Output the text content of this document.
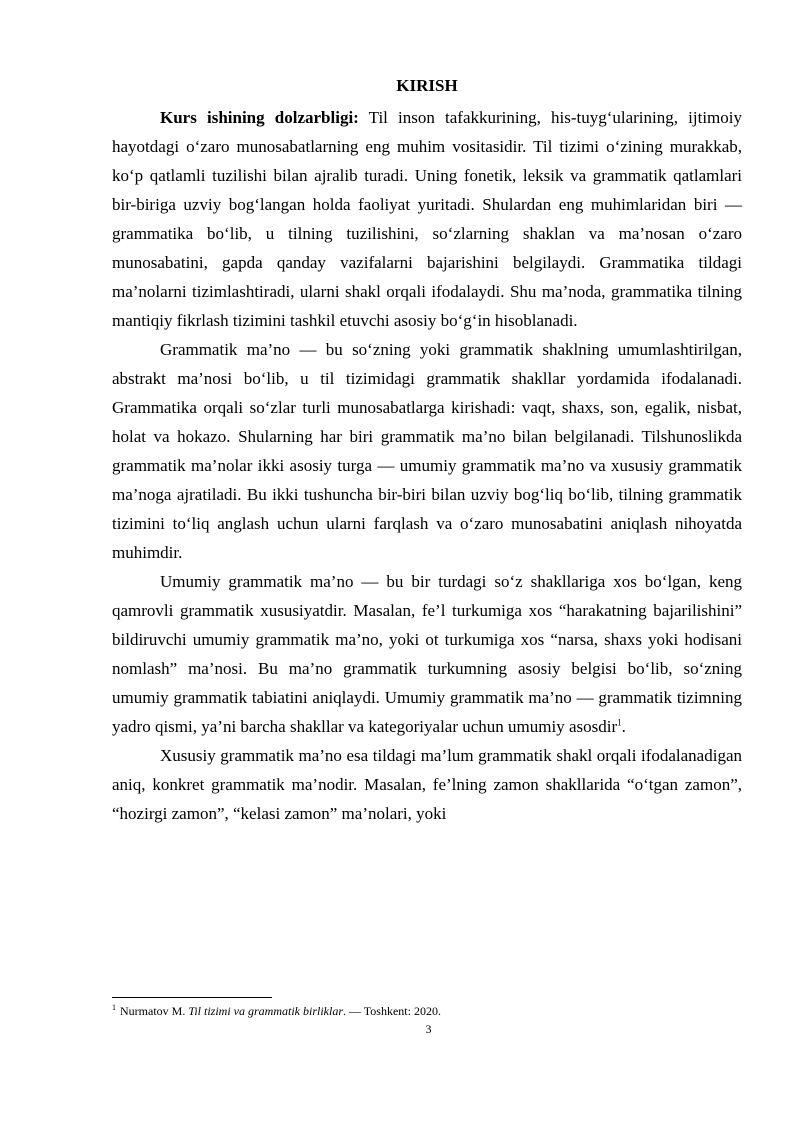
KIRISH

Kurs ishining dolzarbligi: Til inson tafakkurining, his-tuyg‘ularining, ijtimoiy hayotdagi o‘zaro munosabatlarning eng muhim vositasidir. Til tizimi o‘zining murakkab, ko‘p qatlamli tuzilishi bilan ajralib turadi. Uning fonetik, leksik va grammatik qatlamlari bir-biriga uzviy bog‘langan holda faoliyat yuritadi. Shulardan eng muhimlaridan biri — grammatika bo‘lib, u tilning tuzilishini, so‘zlarning shaklan va ma’nosan o‘zaro munosabatini, gapda qanday vazifalarni bajarishini belgilaydi. Grammatika tildagi ma’nolarni tizimlashtiradi, ularni shakl orqali ifodalaydi. Shu ma’noda, grammatika tilning mantiqiy fikrlash tizimini tashkil etuvchi asosiy bo‘g‘in hisoblanadi.

Grammatik ma’no — bu so‘zning yoki grammatik shaklning umumlashtirilgan, abstrakt ma’nosi bo‘lib, u til tizimidagi grammatik shakllar yordamida ifodalanadi. Grammatika orqali so‘zlar turli munosabatlarga kirishadi: vaqt, shaxs, son, egalik, nisbat, holat va hokazo. Shularning har biri grammatik ma’no bilan belgilanadi. Tilshunoslikda grammatik ma’nolar ikki asosiy turga — umumiy grammatik ma’no va xususiy grammatik ma’noga ajratiladi. Bu ikki tushuncha bir-biri bilan uzviy bog‘liq bo‘lib, tilning grammatik tizimini to‘liq anglash uchun ularni farqlash va o‘zaro munosabatini aniqlash nihoyatda muhimdir.

Umumiy grammatik ma’no — bu bir turdagi so‘z shakllariga xos bo‘lgan, keng qamrovli grammatik xususiyatdir. Masalan, fe’l turkumiga xos “harakatning bajarilishini” bildiruvchi umumiy grammatik ma’no, yoki ot turkumiga xos “narsa, shaxs yoki hodisani nomlash” ma’nosi. Bu ma’no grammatik turkumning asosiy belgisi bo‘lib, so‘zning umumiy grammatik tabiatini aniqlaydi. Umumiy grammatik ma’no — grammatik tizimning yadro qismi, ya’ni barcha shakllar va kategoriyalar uchun umumiy asosdir$^1$.

Xususiy grammatik ma’no esa tildagi ma’lum grammatik shakl orqali ifodalanadigan aniq, konkret grammatik ma’nodir. Masalan, fe’lning zamon shakllarida “o‘tgan zamon”, “hozirgi zamon”, “kelasi zamon” ma’nolari, yoki

$^1$ Nurmatov M. Til tizimi va grammatik birliklar. — Toshkent: 2020.
3
